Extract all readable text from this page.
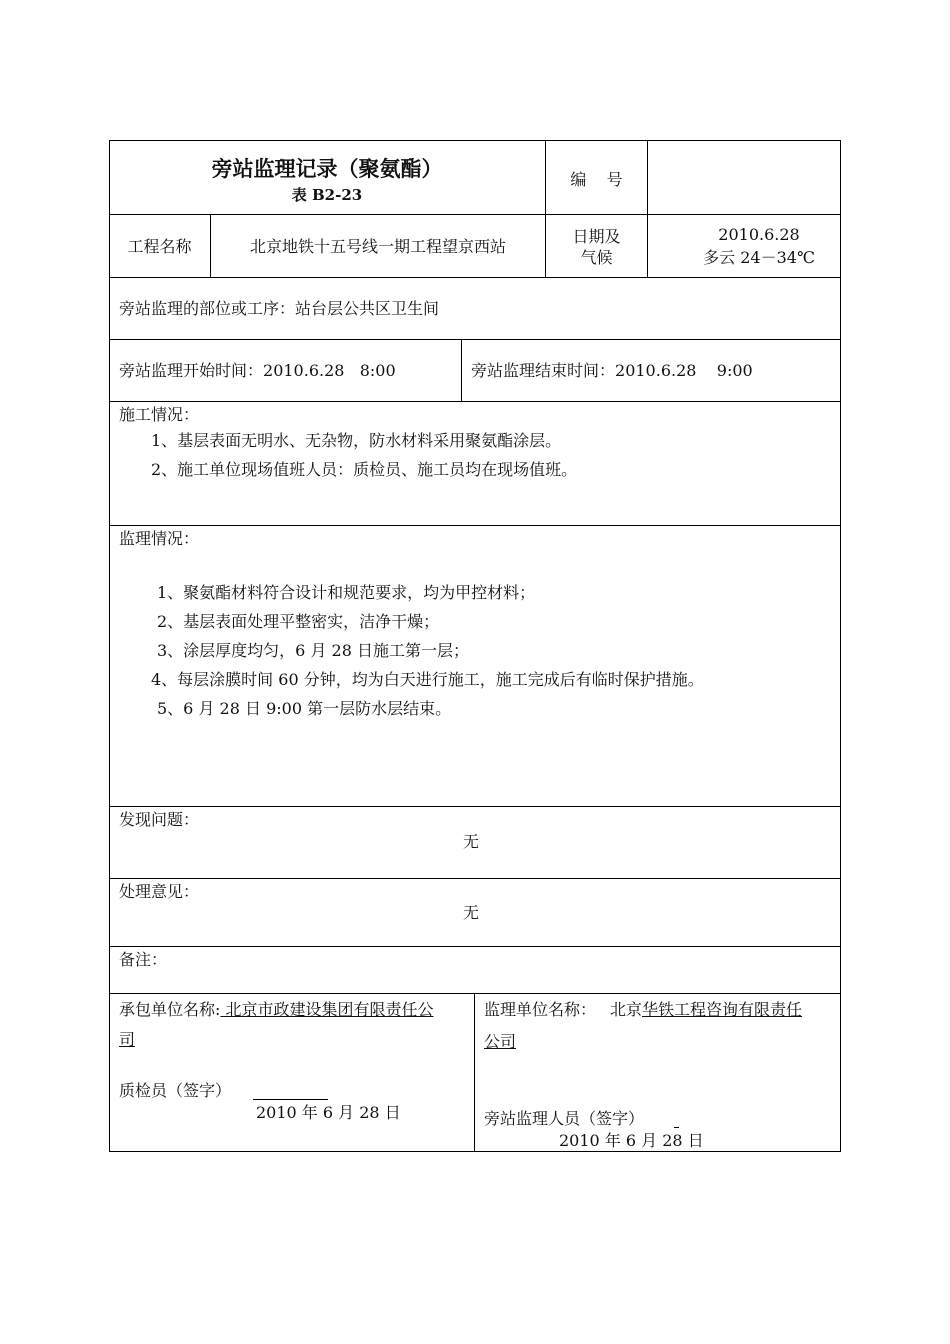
旁站监理记录（聚氨酯）
表 B2-23
编    号
工程名称	北京地铁十五号线一期工程望京西站
日期及
气候
2010.6.28
多云 24－34℃
旁站监理的部位或工序：站台层公共区卫生间
旁站监理开始时间：2010.6.28   8:00	旁站监理结束时间：2010.6.28    9:00
施工情况：
1、基层表面无明水、无杂物，防水材料采用聚氨酯涂层。
2、施工单位现场值班人员：质检员、施工员均在现场值班。
监理情况：
1、聚氨酯材料符合设计和规范要求，均为甲控材料；
2、基层表面处理平整密实，洁净干燥；
3、涂层厚度均匀，6 月 28 日施工第一层；
4、每层涂膜时间 60 分钟，均为白天进行施工，施工完成后有临时保护措施。
5、6 月 28 日 9:00 第一层防水层结束。
发现问题：
无
处理意见：
无
备注：
承包单位名称: 北京市政建设集团有限责任公
司
质检员（签字）
2010 年 6 月 28 日
监理单位名称： 北京华铁工程咨询有限责任
公司
旁站监理人员（签字）
2010 年 6 月 28 日
